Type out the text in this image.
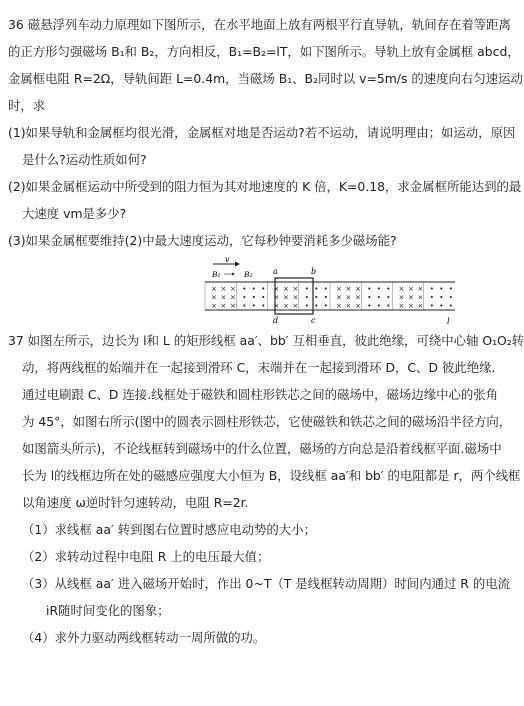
36 磁悬浮列车动力原理如下图所示，在水平地面上放有两根平行直导轨，轨间存在着等距离
的正方形匀强磁场 B₁和 B₂，方向相反，B₁=B₂=lT，如下图所示。导轨上放有金属框 abcd，
金属框电阻 R=2Ω，导轨间距 L=0.4m，当磁场 B₁、B₂同时以 v=5m/s 的速度向右匀速运动
时，求
(1)如果导轨和金属框均很光滑，金属框对地是否运动?若不运动，请说明理由；如运动，原因
是什么?运动性质如何?
(2)如果金属框运动中所受到的阻力恒为其对地速度的 K 倍，K=0.18，求金属框所能达到的最
大速度 vm是多少?
(3)如果金属框要维持(2)中最大速度运动，它每秒钟要消耗多少磁场能?
v
B₁	B₂
× × ×
× × ×
× × ×
• • •
• • •
• • •
× × ×
× × ×
× × ×
• • •
• • •
• • •
× × ×
× × ×
× × ×
• • •
• • •
• • •
× × ×
× × ×
× × ×
• • •
• • •
• • •
a	b
c
d	l
37 如图左所示，边长为 l和 L 的矩形线框 aa′、bb′ 互相垂直，彼此绝缘，可绕中心轴 O₁O₂转
动，将两线框的始端并在一起接到滑环 C，末端并在一起接到滑环 D，C、D 彼此绝缘.
通过电刷跟 C、D 连接.线框处于磁铁和圆柱形铁芯之间的磁场中，磁场边缘中心的张角
为 45°，如图右所示(图中的圆表示圆柱形铁芯，它使磁铁和铁芯之间的磁场沿半径方向，
如图箭头所示)，不论线框转到磁场中的什么位置，磁场的方向总是沿着线框平面.磁场中
长为 l的线框边所在处的磁感应强度大小恒为 B，设线框 aa′和 bb′ 的电阻都是 r，两个线框
以角速度 ω逆时针匀速转动，电阻 R=2r.
（1）求线框 aa′ 转到图右位置时感应电动势的大小；
（2）求转动过程中电阻 R 上的电压最大值；
（3）从线框 aa′ 进入磁场开始时，作出 0~T（T 是线框转动周期）时间内通过 R 的电流
iR随时间变化的图象；
（4）求外力驱动两线框转动一周所做的功。
